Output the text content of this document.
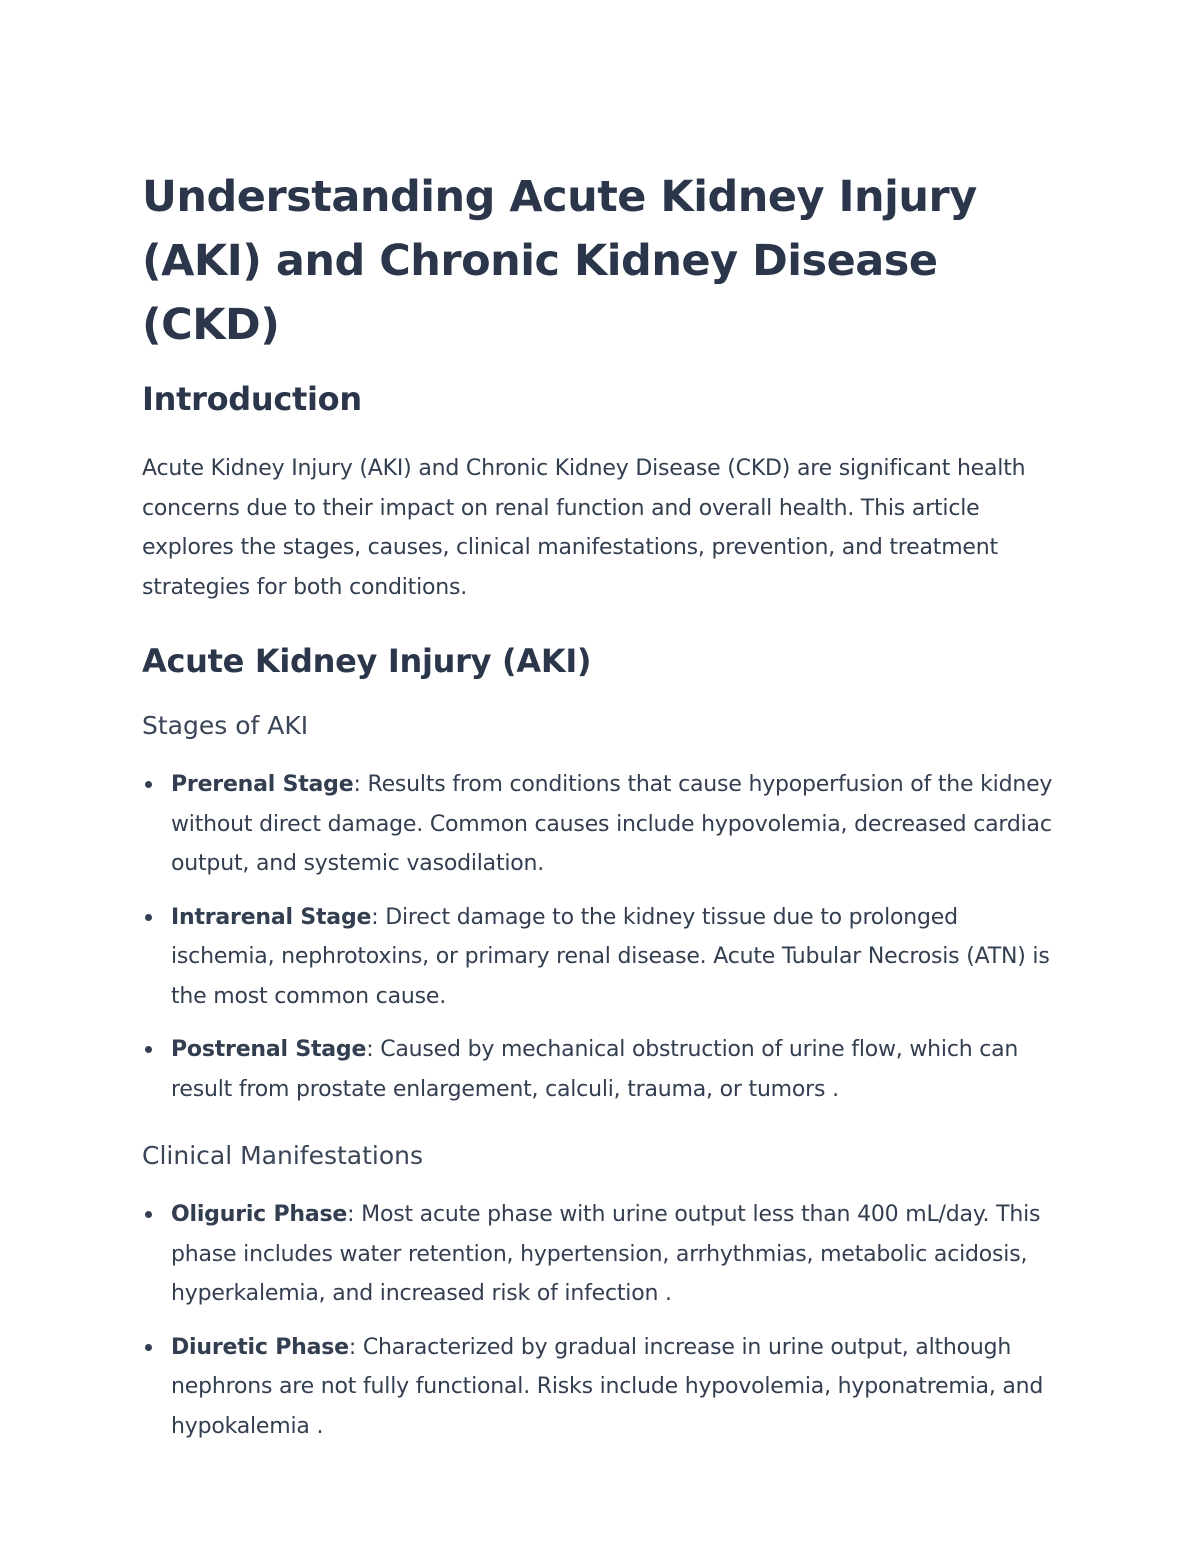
Understanding Acute Kidney Injury (AKI) and Chronic Kidney Disease (CKD)
Introduction

Acute Kidney Injury (AKI) and Chronic Kidney Disease (CKD) are significant health concerns due to their impact on renal function and overall health. This article explores the stages, causes, clinical manifestations, prevention, and treatment strategies for both conditions.

Acute Kidney Injury (AKI)
Stages of AKI
Prerenal Stage: Results from conditions that cause hypoperfusion of the kidney without direct damage. Common causes include hypovolemia, decreased cardiac output, and systemic vasodilation.
Intrarenal Stage: Direct damage to the kidney tissue due to prolonged ischemia, nephrotoxins, or primary renal disease. Acute Tubular Necrosis (ATN) is the most common cause.
Postrenal Stage: Caused by mechanical obstruction of urine flow, which can result from prostate enlargement, calculi, trauma, or tumors .
Clinical Manifestations
Oliguric Phase: Most acute phase with urine output less than 400 mL/day. This phase includes water retention, hypertension, arrhythmias, metabolic acidosis, hyperkalemia, and increased risk of infection .
Diuretic Phase: Characterized by gradual increase in urine output, although nephrons are not fully functional. Risks include hypovolemia, hyponatremia, and hypokalemia .
